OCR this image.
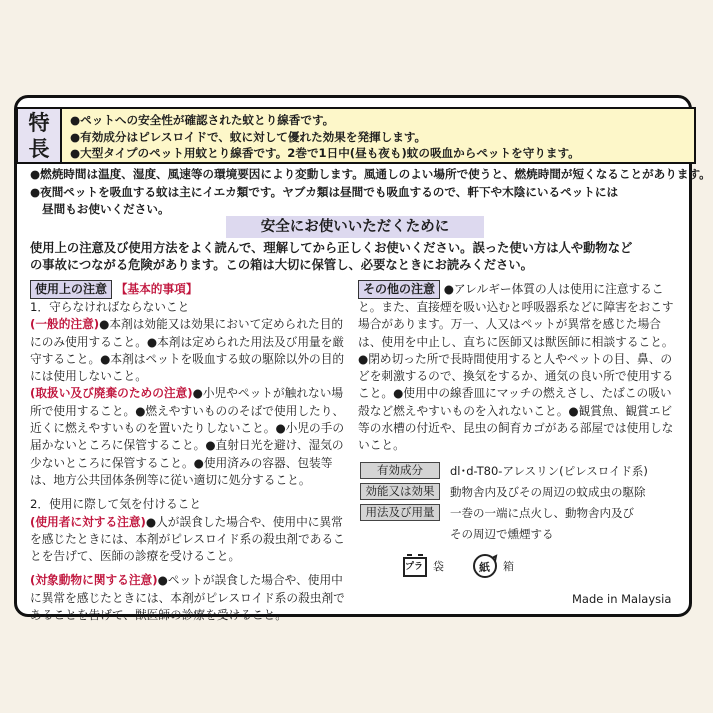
特
長
●ペットへの安全性が確認された蚊とり線香です。
●有効成分はピレスロイドで、蚊に対して優れた効果を発揮します。
●大型タイプのペット用蚊とり線香です。2巻で1日中(昼も夜も)蚊の吸血からペットを守ります。
●燃焼時間は温度、湿度、風速等の環境要因により変動します。風通しのよい場所で使うと、燃焼時間が短くなることがあります。
●夜間ペットを吸血する蚊は主にイエカ類です。ヤブカ類は昼間でも吸血するので、軒下や木陰にいるペットには
昼間もお使いください。
安全にお使いいただくために
使用上の注意及び使用方法をよく読んで、理解してから正しくお使いください。誤った使い方は人や動物など
の事故につながる危険があります。この箱は大切に保管し、必要なときにお読みください。
使用上の注意 【基本的事項】

1．守らなければならないこと

(一般的注意)●本剤は効能又は効果において定められた目的にのみ使用すること。●本剤は定められた用法及び用量を厳守すること。●本剤はペットを吸血する蚊の駆除以外の目的には使用しないこと。

(取扱い及び廃棄のための注意)●小児やペットが触れない場所で使用すること。●燃えやすいもののそばで使用したり、近くに燃えやすいものを置いたりしないこと。●小児の手の届かないところに保管すること。●直射日光を避け、湿気の少ないところに保管すること。●使用済みの容器、包装等は、地方公共団体条例等に従い適切に処分すること。

2．使用に際して気を付けること

(使用者に対する注意)●人が誤食した場合や、使用中に異常を感じたときには、本剤がピレスロイド系の殺虫剤であることを告げて、医師の診療を受けること。

(対象動物に関する注意)●ペットが誤食した場合や、使用中に異常を感じたときには、本剤がピレスロイド系の殺虫剤であることを告げて、獣医師の診療を受けること。

その他の注意 ●アレルギー体質の人は使用に注意すること。また、直接煙を吸い込むと呼吸器系などに障害をおこす場合があります。万一、人又はペットが異常を感じた場合は、使用を中止し、直ちに医師又は獣医師に相談すること。●閉め切った所で長時間使用すると人やペットの目、鼻、のどを刺激するので、換気をするか、通気の良い所で使用すること。●使用中の線香皿にマッチの燃えさし、たばこの吸い殻など燃えやすいものを入れないこと。●観賞魚、観賞エビ等の水槽の付近や、昆虫の飼育カゴがある部屋では使用しないこと。
有効成分	dl･d-T80-アレスリン(ピレスロイド系)
効能又は効果	動物舎内及びその周辺の蚊成虫の駆除
用法及び用量	一巻の一端に点火し、動物舎内及び
その周辺で燻煙する
プラ 袋	紙 箱
Made in Malaysia
